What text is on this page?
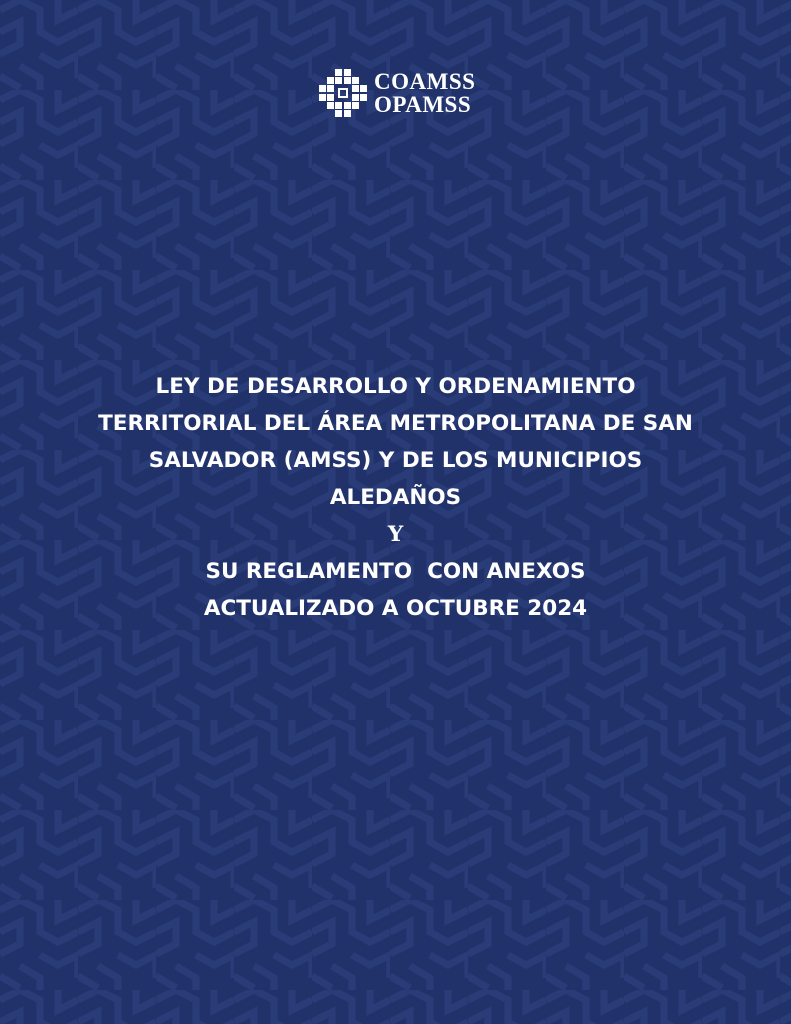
COAMSS
OPAMSS
LEY DE DESARROLLO Y ORDENAMIENTO
TERRITORIAL DEL ÁREA METROPOLITANA DE SAN
SALVADOR (AMSS) Y DE LOS MUNICIPIOS
ALEDAÑOS
Y
SU REGLAMENTO  CON ANEXOS
ACTUALIZADO A OCTUBRE 2024
